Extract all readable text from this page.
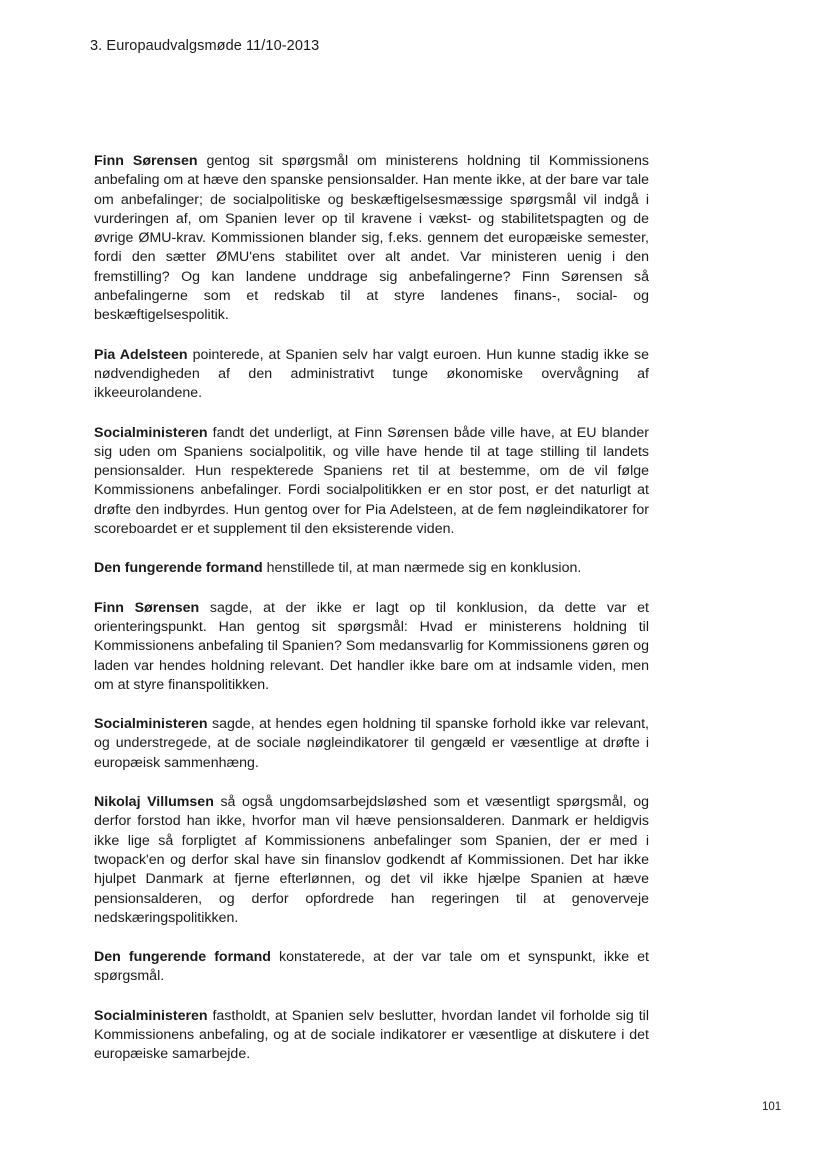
3. Europaudvalgsmøde 11/10-2013

Finn Sørensen gentog sit spørgsmål om ministerens holdning til Kommissionens anbefaling om at hæve den spanske pensionsalder. Han mente ikke, at der bare var tale om anbefalinger; de socialpolitiske og beskæftigelsesmæssige spørgsmål vil indgå i vurderingen af, om Spanien lever op til kravene i vækst- og stabilitetspagten og de øvrige ØMU-krav. Kommissionen blander sig, f.eks. gennem det europæiske semester, fordi den sætter ØMU'ens stabilitet over alt andet. Var ministeren uenig i den fremstilling? Og kan landene unddrage sig anbefalingerne? Finn Sørensen så anbefalingerne som et redskab til at styre landenes finans-, social- og beskæftigelsespolitik.

Pia Adelsteen pointerede, at Spanien selv har valgt euroen. Hun kunne stadig ikke se nødvendigheden af den administrativt tunge økonomiske overvågning af ikkeeurolandene.

Socialministeren fandt det underligt, at Finn Sørensen både ville have, at EU blander sig uden om Spaniens socialpolitik, og ville have hende til at tage stilling til landets pensionsalder. Hun respekterede Spaniens ret til at bestemme, om de vil følge Kommissionens anbefalinger. Fordi socialpolitikken er en stor post, er det naturligt at drøfte den indbyrdes. Hun gentog over for Pia Adelsteen, at de fem nøgleindikatorer for scoreboardet er et supplement til den eksisterende viden.

Den fungerende formand henstillede til, at man nærmede sig en konklusion.

Finn Sørensen sagde, at der ikke er lagt op til konklusion, da dette var et orienteringspunkt. Han gentog sit spørgsmål: Hvad er ministerens holdning til Kommissionens anbefaling til Spanien? Som medansvarlig for Kommissionens gøren og laden var hendes holdning relevant. Det handler ikke bare om at indsamle viden, men om at styre finanspolitikken.

Socialministeren sagde, at hendes egen holdning til spanske forhold ikke var relevant, og understregede, at de sociale nøgleindikatorer til gengæld er væsentlige at drøfte i europæisk sammenhæng.

Nikolaj Villumsen så også ungdomsarbejdsløshed som et væsentligt spørgsmål, og derfor forstod han ikke, hvorfor man vil hæve pensionsalderen. Danmark er heldigvis ikke lige så forpligtet af Kommissionens anbefalinger som Spanien, der er med i twopack'en og derfor skal have sin finanslov godkendt af Kommissionen. Det har ikke hjulpet Danmark at fjerne efterlønnen, og det vil ikke hjælpe Spanien at hæve pensionsalderen, og derfor opfordrede han regeringen til at genoverveje nedskæringspolitikken.

Den fungerende formand konstaterede, at der var tale om et synspunkt, ikke et spørgsmål.

Socialministeren fastholdt, at Spanien selv beslutter, hvordan landet vil forholde sig til Kommissionens anbefaling, og at de sociale indikatorer er væsentlige at diskutere i det europæiske samarbejde.

101
